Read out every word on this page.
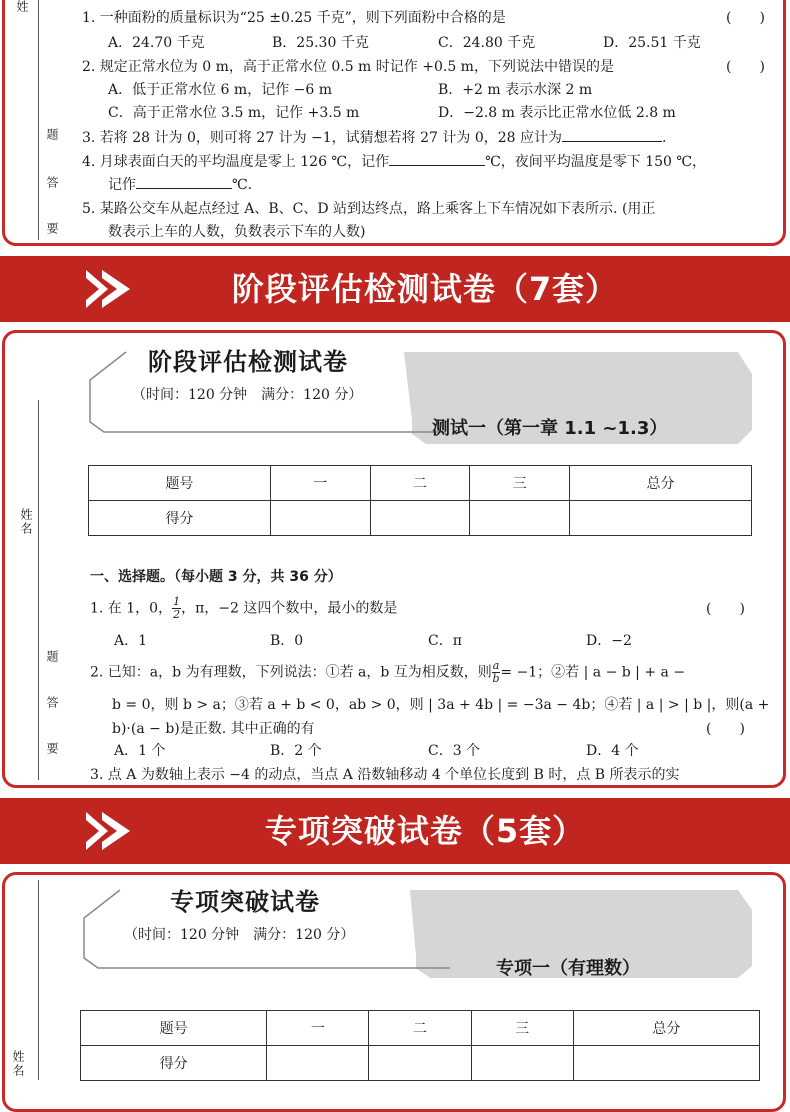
姓
题
答
要
1. 一种面粉的质量标识为“25 ±0.25 千克”，则下列面粉中合格的是	(　　)
A．24.70 千克	B．25.30 千克	C．24.80 千克	D．25.51 千克
2. 规定正常水位为 0 m，高于正常水位 0.5 m 时记作 +0.5 m，下列说法中错误的是	(　　)
A．低于正常水位 6 m，记作 −6 m	B．+2 m 表示水深 2 m
C．高于正常水位 3.5 m，记作 +3.5 m	D．−2.8 m 表示比正常水位低 2.8 m
3. 若将 28 计为 0，则可将 27 计为 −1，试猜想若将 27 计为 0，28 应计为	.
4. 月球表面白天的平均温度是零上 126 ℃，记作	℃，夜间平均温度是零下 150 ℃，
记作	℃.
5. 某路公交车从起点经过 A、B、C、D 站到达终点，路上乘客上下车情况如下表所示. (用正
数表示上车的人数，负数表示下车的人数)
阶段评估检测试卷（7套）
姓名
题
答
要
阶段评估检测试卷
（时间：120 分钟　满分：120 分）
测试一（第一章 1.1 ~1.3）
题号	一	二	三	总分
得分				
一、选择题。（每小题 3 分，共 36 分）
1. 在 1，0， $\frac{1}{2}$ ，π，−2 这四个数中，最小的数是	(　　)
A．1	B．0	C．π	D．−2
2. 已知：a，b 为有理数，下列说法：①若 a，b 互为相反数，则 $\frac{a}{b} = -1$；②若 | a − b | + a −
b = 0，则 b > a；③若 a + b < 0，ab > 0，则 | 3a + 4b | = −3a − 4b；④若 | a | > | b |，则(a +
b)·(a − b)是正数. 其中正确的有	(　　)
A．1 个	B．2 个	C．3 个	D．4 个
3. 点 A 为数轴上表示 −4 的动点，当点 A 沿数轴移动 4 个单位长度到 B 时，点 B 所表示的实
专项突破试卷（5套）
姓名
专项突破试卷
（时间：120 分钟　满分：120 分）
专项一（有理数）
题号	一	二	三	总分
得分				
